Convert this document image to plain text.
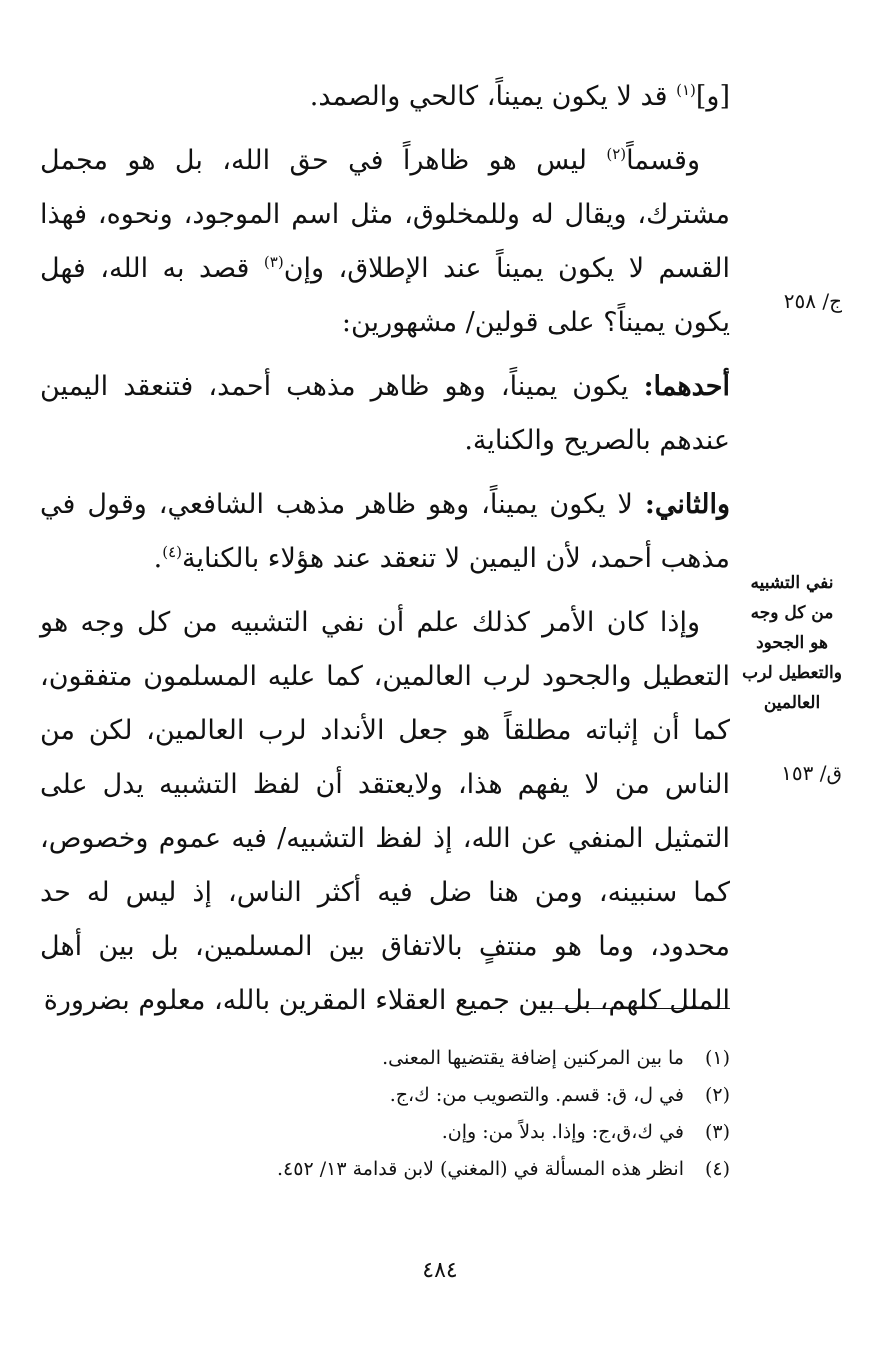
[و]$^{(١)}$ قد لا يكون يميناً، كالحي والصمد.

وقسماً$^{(٢)}$ ليس هو ظاهراً في حق الله، بل هو مجمل مشترك، ويقال له وللمخلوق، مثل اسم الموجود، ونحوه، فهذا القسم لا يكون يميناً عند الإطلاق، وإن$^{(٣)}$ قصد به الله، فهل يكون يميناً؟ على قولين/ مشهورين:

أحدهما: يكون يميناً، وهو ظاهر مذهب أحمد، فتنعقد اليمين عندهم بالصريح والكناية.

والثاني: لا يكون يميناً، وهو ظاهر مذهب الشافعي، وقول في مذهب أحمد، لأن اليمين لا تنعقد عند هؤلاء بالكناية$^{(٤)}$.

وإذا كان الأمر كذلك علم أن نفي التشبيه من كل وجه هو التعطيل والجحود لرب العالمين، كما عليه المسلمون متفقون، كما أن إثباته مطلقاً هو جعل الأنداد لرب العالمين، لكن من الناس من لا يفهم هذا، ولايعتقد أن لفظ التشبيه يدل على التمثيل المنفي عن الله، إذ لفظ التشبيه/ فيه عموم وخصوص، كما سنبينه، ومن هنا ضل فيه أكثر الناس، إذ ليس له حد محدود، وما هو منتفٍ بالاتفاق بين المسلمين، بل بين أهل الملل كلهم، بل بين جميع العقلاء المقرين بالله، معلوم بضرورة

ج/ ٢٥٨
نفي التشبيه من كل وجه هو الجحود والتعطيل لرب العالمين
ق/ ١٥٣
(١)
ما بين المركنين إضافة يقتضيها المعنى.
(٢)
في ل، ق: قسم. والتصويب من: ك،ج.
(٣)
في ك،ق،ج: وإذا. بدلاً من: وإن.
(٤)
انظر هذه المسألة في (المغني) لابن قدامة ١٣/ ٤٥٢.
٤٨٤
